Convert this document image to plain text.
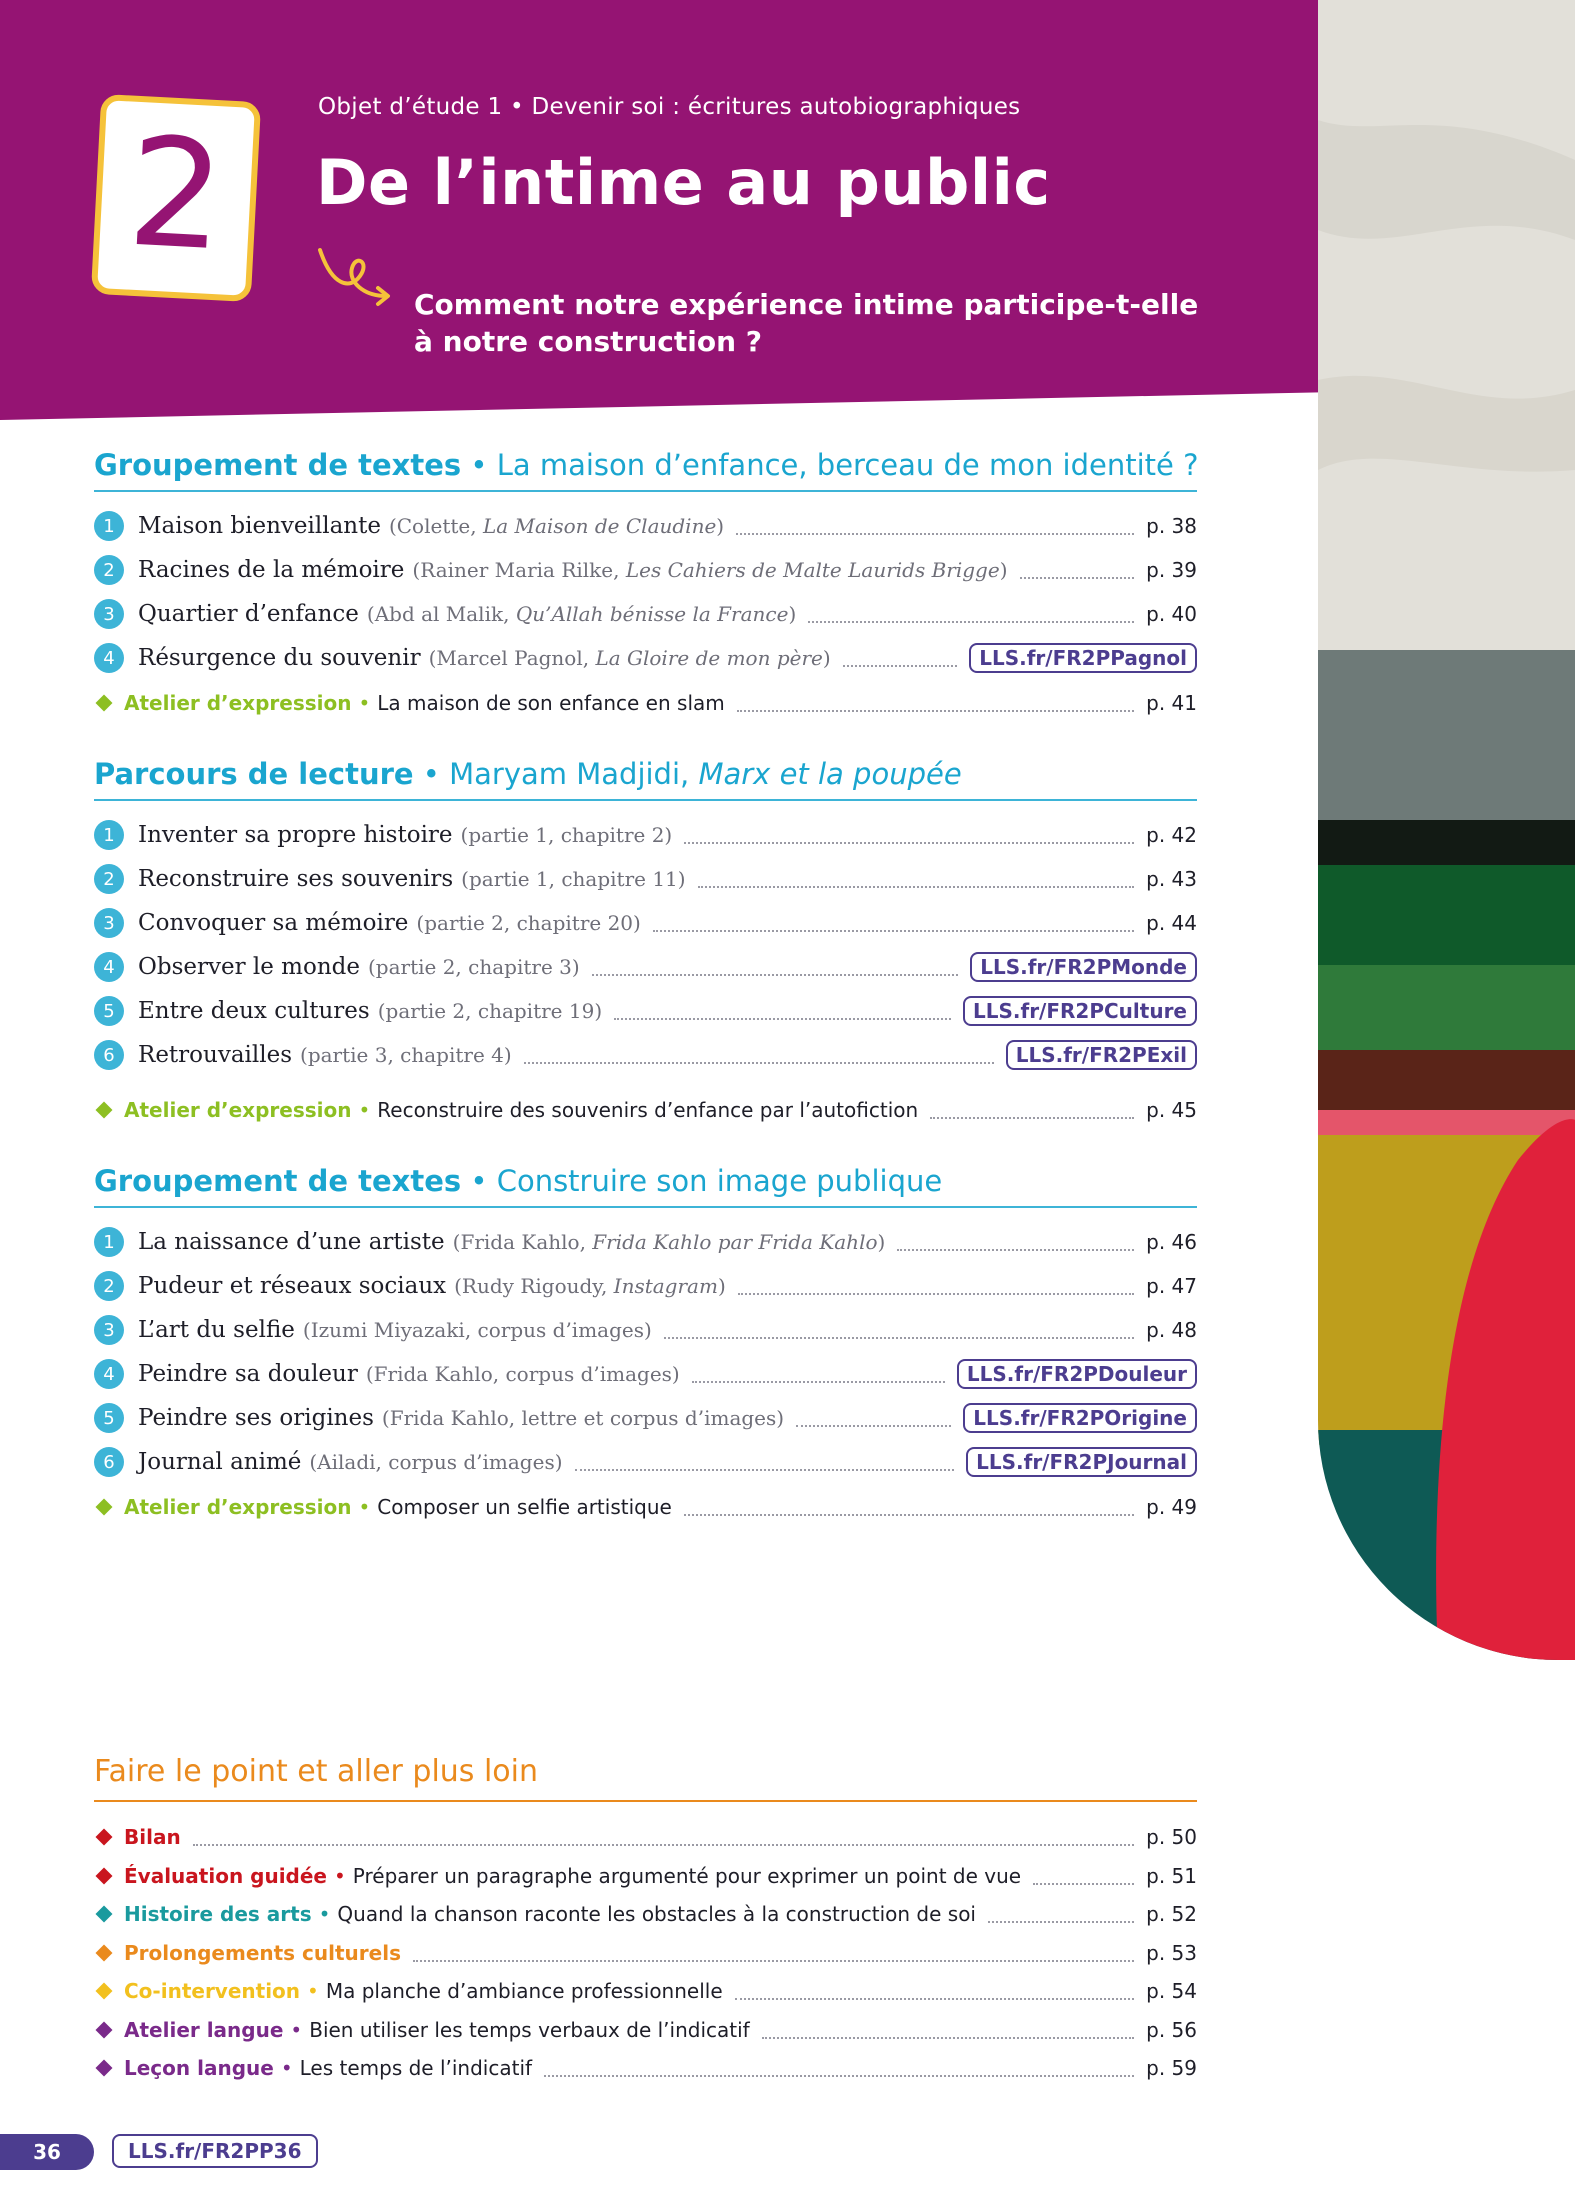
2	Objet d’étude 1 • Devenir soi : écritures autobiographiques
De l’intime au public
Comment notre expérience intime participe-t-elle
à notre construction ?
Groupement de textes • La maison d’enfance, berceau de mon identité ?
1	Maison bienveillante (Colette, La Maison de Claudine)	p. 38
2	Racines de la mémoire (Rainer Maria Rilke, Les Cahiers de Malte Laurids Brigge)	p. 39
3	Quartier d’enfance (Abd al Malik, Qu’Allah bénisse la France)	p. 40
4	Résurgence du souvenir (Marcel Pagnol, La Gloire de mon père)	LLS.fr/FR2PPagnol
Atelier d’expression • La maison de son enfance en slam	p. 41
Parcours de lecture • Maryam Madjidi, Marx et la poupée
1	Inventer sa propre histoire (partie 1, chapitre 2)	p. 42
2	Reconstruire ses souvenirs (partie 1, chapitre 11)	p. 43
3	Convoquer sa mémoire (partie 2, chapitre 20)	p. 44
4	Observer le monde (partie 2, chapitre 3)	LLS.fr/FR2PMonde
5	Entre deux cultures (partie 2, chapitre 19)	LLS.fr/FR2PCulture
6	Retrouvailles (partie 3, chapitre 4)	LLS.fr/FR2PExil
Atelier d’expression • Reconstruire des souvenirs d’enfance par l’autofiction	p. 45
Groupement de textes • Construire son image publique
1	La naissance d’une artiste (Frida Kahlo, Frida Kahlo par Frida Kahlo)	p. 46
2	Pudeur et réseaux sociaux (Rudy Rigoudy, Instagram)	p. 47
3	L’art du selfie (Izumi Miyazaki, corpus d’images)	p. 48
4	Peindre sa douleur (Frida Kahlo, corpus d’images)	LLS.fr/FR2PDouleur
5	Peindre ses origines (Frida Kahlo, lettre et corpus d’images)	LLS.fr/FR2POrigine
6	Journal animé (Ailadi, corpus d’images)	LLS.fr/FR2PJournal
Atelier d’expression • Composer un selfie artistique	p. 49
Faire le point et aller plus loin
Bilan	p. 50
Évaluation guidée • Préparer un paragraphe argumenté pour exprimer un point de vue	p. 51
Histoire des arts • Quand la chanson raconte les obstacles à la construction de soi	p. 52
Prolongements culturels	p. 53
Co-intervention • Ma planche d’ambiance professionnelle	p. 54
Atelier langue • Bien utiliser les temps verbaux de l’indicatif	p. 56
Leçon langue • Les temps de l’indicatif	p. 59
36	LLS.fr/FR2PP36
